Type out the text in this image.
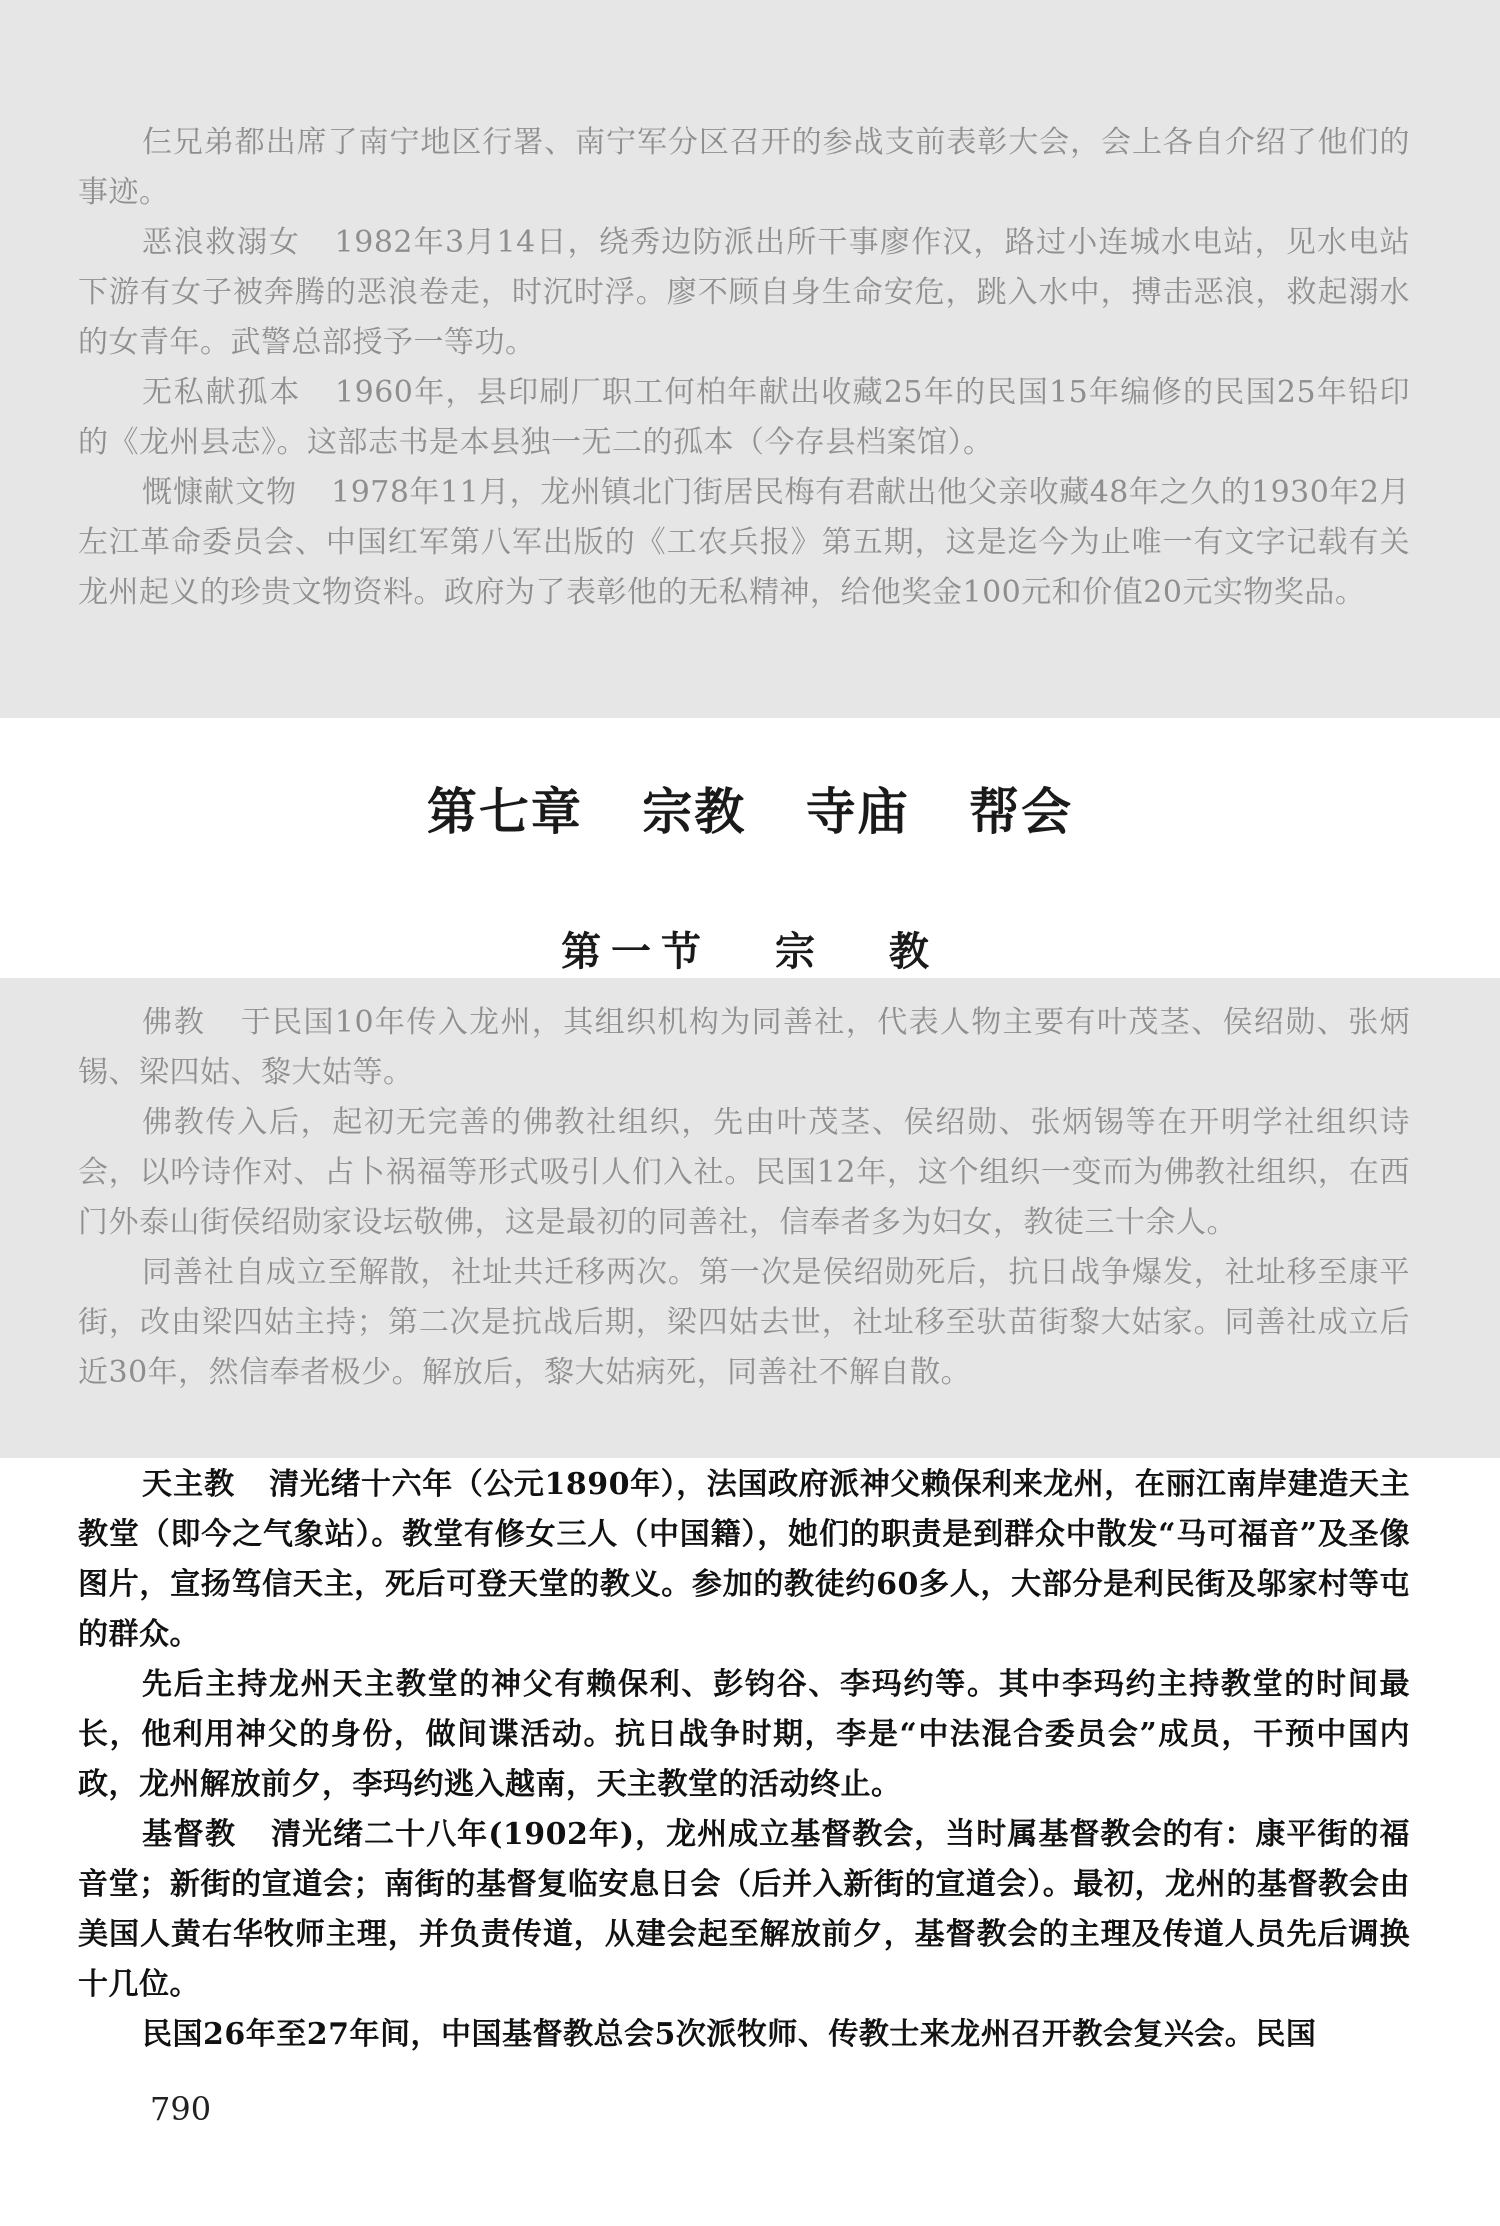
仨兄弟都出席了南宁地区行署、南宁军分区召开的参战支前表彰大会，会上各自介绍了他们的事迹。

恶浪救溺女 1982年3月14日，绕秀边防派出所干事廖作汉，路过小连城水电站，见水电站下游有女子被奔腾的恶浪卷走，时沉时浮。廖不顾自身生命安危，跳入水中，搏击恶浪，救起溺水的女青年。武警总部授予一等功。

无私献孤本 1960年，县印刷厂职工何柏年献出收藏25年的民国15年编修的民国25年铅印的《龙州县志》。这部志书是本县独一无二的孤本（今存县档案馆）。

慨慷献文物 1978年11月，龙州镇北门街居民梅有君献出他父亲收藏48年之久的1930年2月左江革命委员会、中国红军第八军出版的《工农兵报》第五期，这是迄今为止唯一有文字记载有关龙州起义的珍贵文物资料。政府为了表彰他的无私精神，给他奖金100元和价值20元实物奖品。

第七章 宗教 寺庙 帮会
第一节 宗 教

佛教 于民国10年传入龙州，其组织机构为同善社，代表人物主要有叶茂茎、侯绍勋、张炳锡、梁四姑、黎大姑等。

佛教传入后，起初无完善的佛教社组织，先由叶茂茎、侯绍勋、张炳锡等在开明学社组织诗会，以吟诗作对、占卜祸福等形式吸引人们入社。民国12年，这个组织一变而为佛教社组织，在西门外泰山街侯绍勋家设坛敬佛，这是最初的同善社，信奉者多为妇女，教徒三十余人。

同善社自成立至解散，社址共迁移两次。第一次是侯绍勋死后，抗日战争爆发，社址移至康平街，改由梁四姑主持；第二次是抗战后期，梁四姑去世，社址移至驮苗街黎大姑家。同善社成立后近30年，然信奉者极少。解放后，黎大姑病死，同善社不解自散。

天主教 清光绪十六年（公元1890年），法国政府派神父赖保利来龙州，在丽江南岸建造天主教堂（即今之气象站）。教堂有修女三人（中国籍），她们的职责是到群众中散发“马可福音”及圣像图片，宣扬笃信天主，死后可登天堂的教义。参加的教徒约60多人，大部分是利民街及邬家村等屯的群众。

先后主持龙州天主教堂的神父有赖保利、彭钧谷、李玛约等。其中李玛约主持教堂的时间最长，他利用神父的身份，做间谍活动。抗日战争时期，李是“中法混合委员会”成员，干预中国内政，龙州解放前夕，李玛约逃入越南，天主教堂的活动终止。

基督教 清光绪二十八年(1902年)，龙州成立基督教会，当时属基督教会的有：康平街的福音堂；新街的宣道会；南街的基督复临安息日会（后并入新街的宣道会）。最初，龙州的基督教会由美国人黄右华牧师主理，并负责传道，从建会起至解放前夕，基督教会的主理及传道人员先后调换十几位。

民国26年至27年间，中国基督教总会5次派牧师、传教士来龙州召开教会复兴会。民国

790
